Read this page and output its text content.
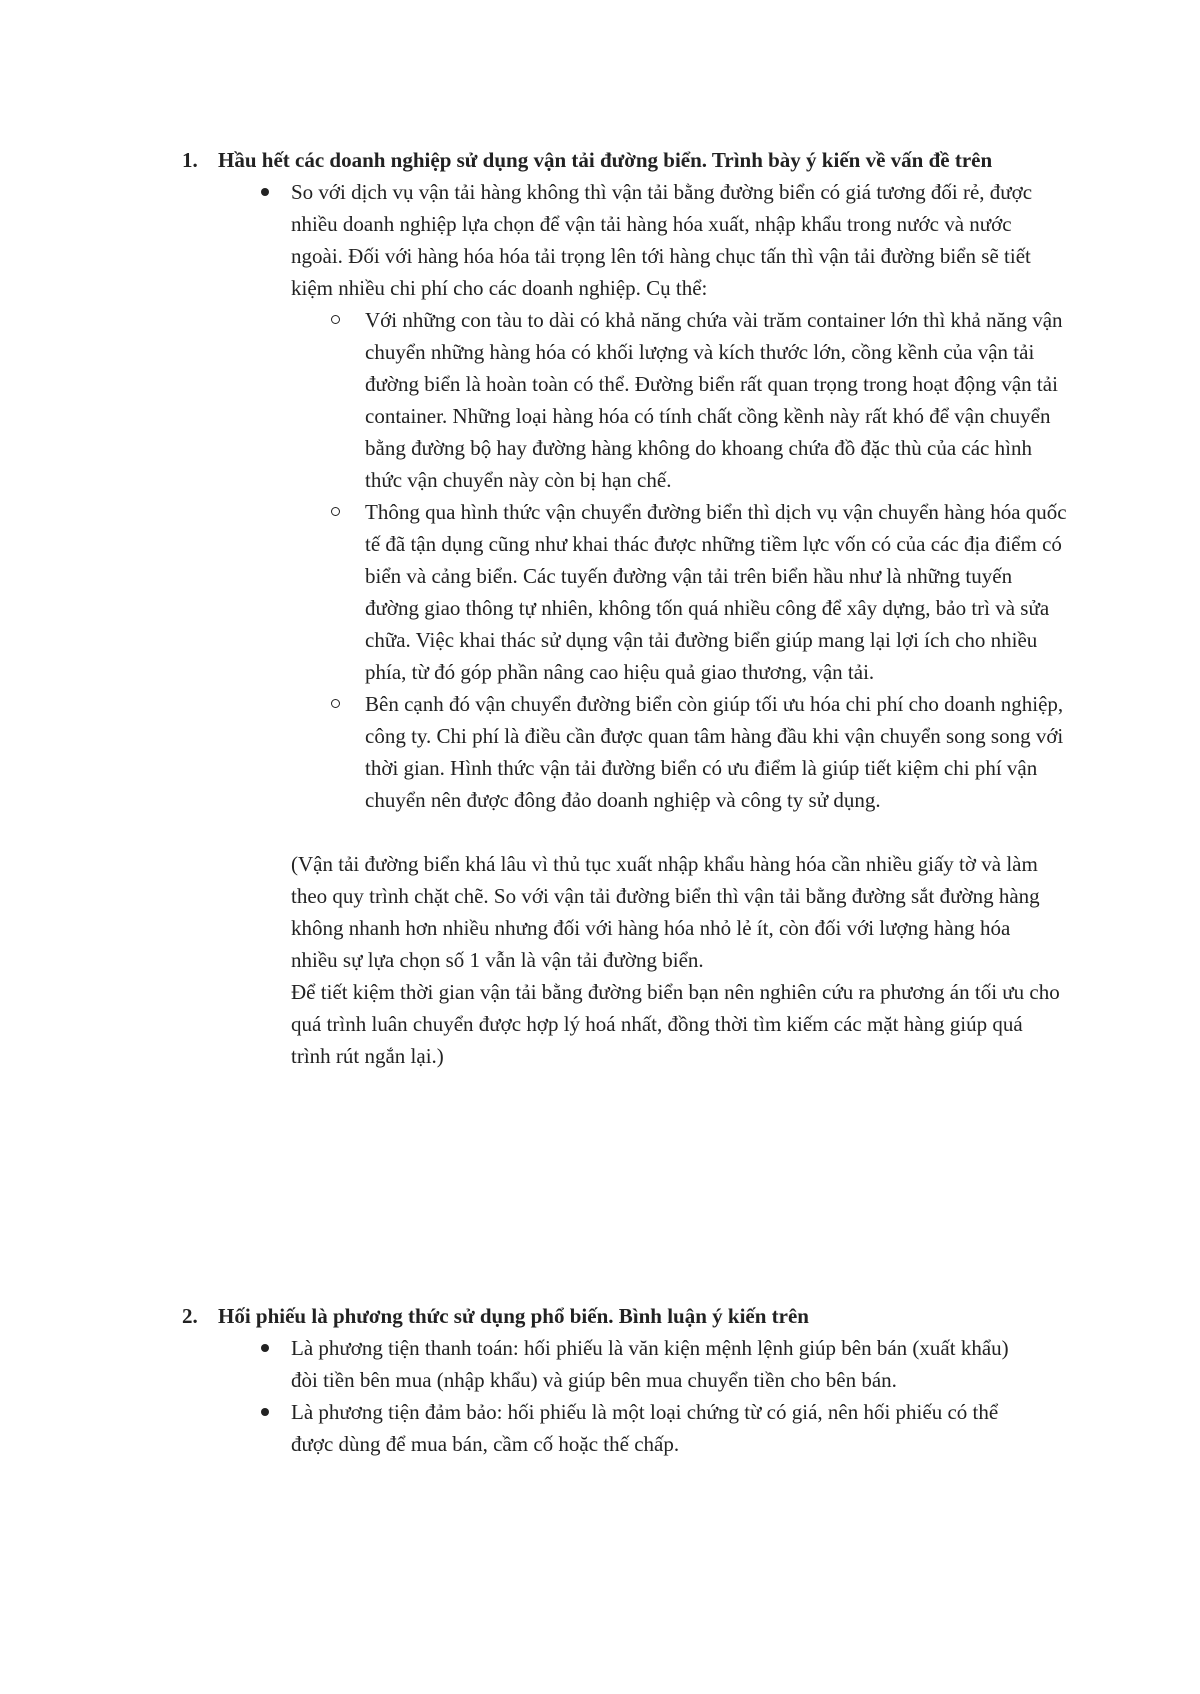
1. Hầu hết các doanh nghiệp sử dụng vận tải đường biển. Trình bày ý kiến về vấn đề trên
So với dịch vụ vận tải hàng không thì vận tải bằng đường biển có giá tương đối rẻ, được nhiều doanh nghiệp lựa chọn để vận tải hàng hóa xuất, nhập khẩu trong nước và nước ngoài. Đối với hàng hóa hóa tải trọng lên tới hàng chục tấn thì vận tải đường biển sẽ tiết kiệm nhiều chi phí cho các doanh nghiệp. Cụ thể:
Với những con tàu to dài có khả năng chứa vài trăm container lớn thì khả năng vận chuyển những hàng hóa có khối lượng và kích thước lớn, cồng kềnh của vận tải đường biển là hoàn toàn có thể. Đường biển rất quan trọng trong hoạt động vận tải container. Những loại hàng hóa có tính chất cồng kềnh này rất khó để vận chuyển bằng đường bộ hay đường hàng không do khoang chứa đồ đặc thù của các hình thức vận chuyển này còn bị hạn chế.
Thông qua hình thức vận chuyển đường biển thì dịch vụ vận chuyển hàng hóa quốc tế đã tận dụng cũng như khai thác được những tiềm lực vốn có của các địa điểm có biển và cảng biển. Các tuyến đường vận tải trên biển hầu như là những tuyến đường giao thông tự nhiên, không tốn quá nhiều công để xây dựng, bảo trì và sửa chữa. Việc khai thác sử dụng vận tải đường biển giúp mang lại lợi ích cho nhiều phía, từ đó góp phần nâng cao hiệu quả giao thương, vận tải.
Bên cạnh đó vận chuyển đường biển còn giúp tối ưu hóa chi phí cho doanh nghiệp, công ty. Chi phí là điều cần được quan tâm hàng đầu khi vận chuyển song song với thời gian. Hình thức vận tải đường biển có ưu điểm là giúp tiết kiệm chi phí vận chuyển nên được đông đảo doanh nghiệp và công ty sử dụng.

(Vận tải đường biển khá lâu vì thủ tục xuất nhập khẩu hàng hóa cần nhiều giấy tờ và làm theo quy trình chặt chẽ. So với vận tải đường biển thì vận tải bằng đường sắt đường hàng không nhanh hơn nhiều nhưng đối với hàng hóa nhỏ lẻ ít, còn đối với lượng hàng hóa nhiều sự lựa chọn số 1 vẫn là vận tải đường biển.

Để tiết kiệm thời gian vận tải bằng đường biển bạn nên nghiên cứu ra phương án tối ưu cho quá trình luân chuyển được hợp lý hoá nhất, đồng thời tìm kiếm các mặt hàng giúp quá trình rút ngắn lại.)

2. Hối phiếu là phương thức sử dụng phổ biến. Bình luận ý kiến trên
Là phương tiện thanh toán: hối phiếu là văn kiện mệnh lệnh giúp bên bán (xuất khẩu) đòi tiền bên mua (nhập khẩu) và giúp bên mua chuyển tiền cho bên bán.
Là phương tiện đảm bảo: hối phiếu là một loại chứng từ có giá, nên hối phiếu có thể được dùng để mua bán, cầm cố hoặc thế chấp.
